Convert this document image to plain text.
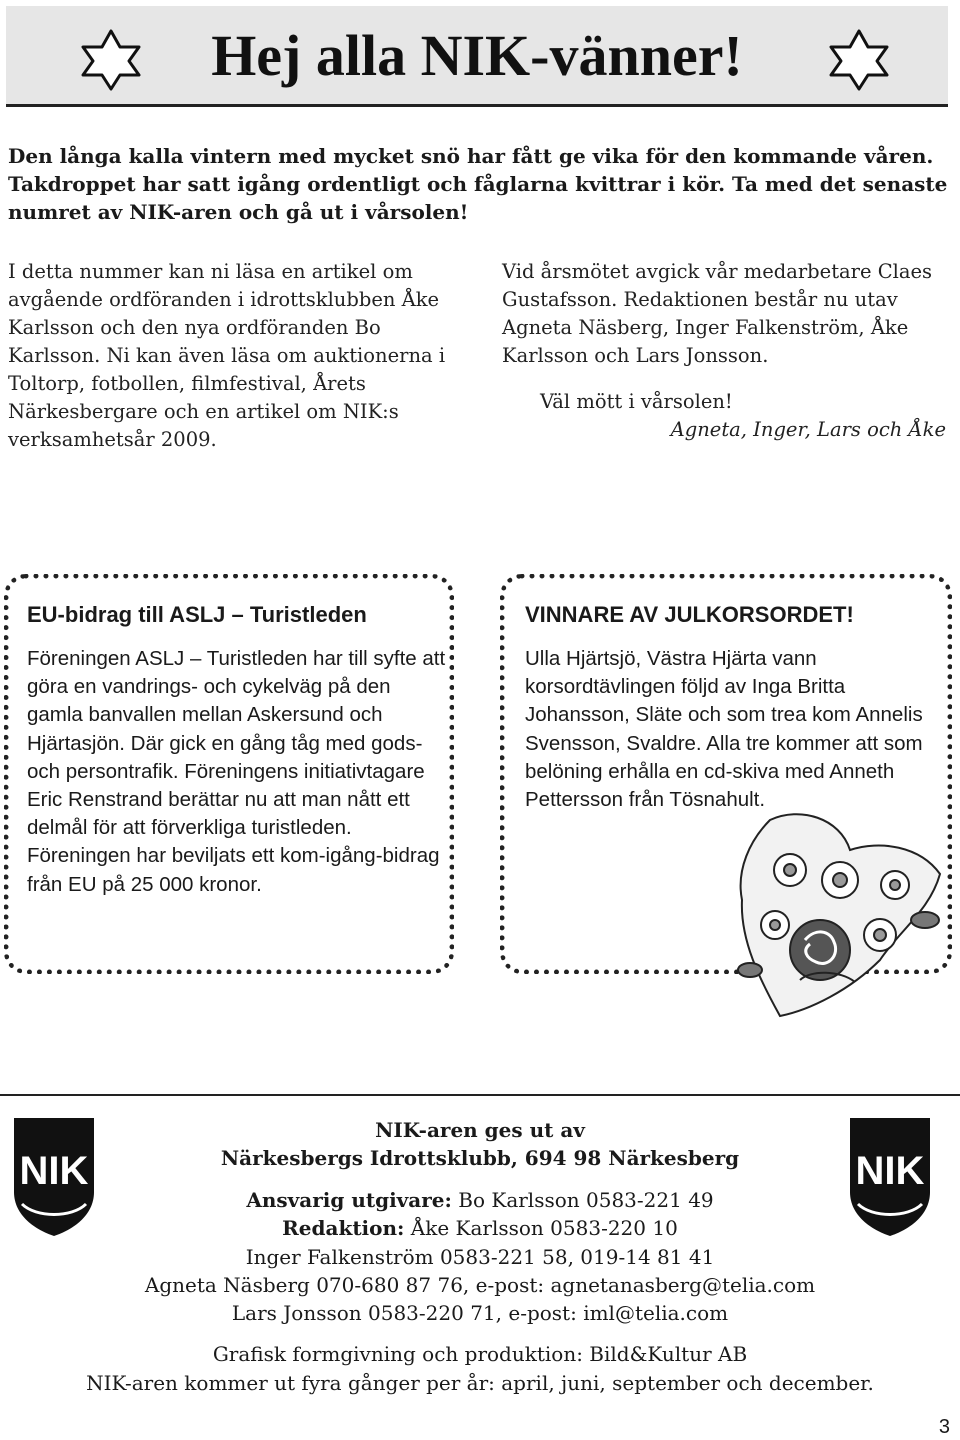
Hej alla NIK-vänner!

Den långa kalla vintern med mycket snö har fått ge vika för den kommande våren. Takdroppet har satt igång ordentligt och fåglarna kvittrar i kör. Ta med det senaste numret av NIK-aren och gå ut i vårsolen!

I detta nummer kan ni läsa en artikel om avgående ordföranden i idrottsklubben Åke Karlsson och den nya ordföranden Bo Karlsson. Ni kan även läsa om auktionerna i Toltorp, fotbollen, filmfestival, Årets Närkesbergare och en artikel om NIK:s verksamhetsår 2009.

Vid årsmötet avgick vår medarbetare Claes Gustafsson. Redaktionen består nu utav Agneta Näsberg, Inger Falkenström, Åke Karlsson och Lars Jonsson.

Väl mött i vårsolen!

Agneta, Inger, Lars och Åke

EU-bidrag till ASLJ – Turistleden

Föreningen ASLJ – Turistleden har till syfte att göra en vandrings- och cykelväg på den gamla banvallen mellan Askersund och Hjärtasjön. Där gick en gång tåg med gods- och persontrafik. Föreningens initiativtagare Eric Renstrand berättar nu att man nått ett delmål för att förverkliga turistleden. Föreningen har beviljats ett kom-igång-bidrag från EU på 25 000 kronor.

VINNARE AV JULKORSORDET!

Ulla Hjärtsjö, Västra Hjärta vann korsordtävlingen följd av Inga Britta Johansson, Släte och som trea kom Annelis Svensson, Svaldre. Alla tre kommer att som belöning erhålla en cd-skiva med Anneth Pettersson från Tösnahult.

NIK	NIK
NIK-aren ges ut av
Närkesbergs Idrottsklubb, 694 98 Närkesberg
Ansvarig utgivare: Bo Karlsson 0583-221 49
Redaktion: Åke Karlsson 0583-220 10
Inger Falkenström 0583-221 58, 019-14 81 41
Agneta Näsberg 070-680 87 76, e-post: agnetanasberg@telia.com
Lars Jonsson 0583-220 71, e-post: iml@telia.com
Grafisk formgivning och produktion: Bild&Kultur AB
NIK-aren kommer ut fyra gånger per år: april, juni, september och december.
3
